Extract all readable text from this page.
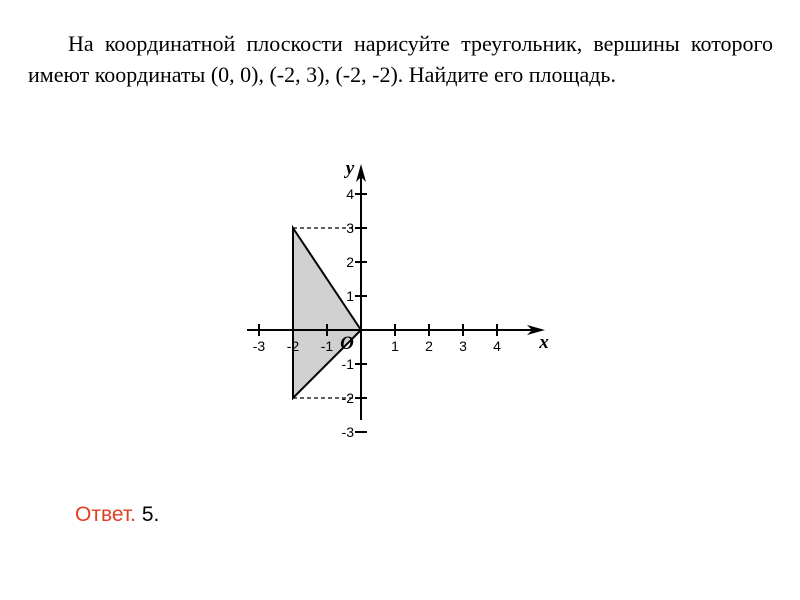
На координатной плоскости нарисуйте треугольник, вершины которого имеют координаты (0, 0), (-2, 3), (-2, -2). Найдите его площадь.
-3 -2 -1	1 2 3 4
4
3
2
1
-1
-2
-3
x
y
O
Ответ. 5.
